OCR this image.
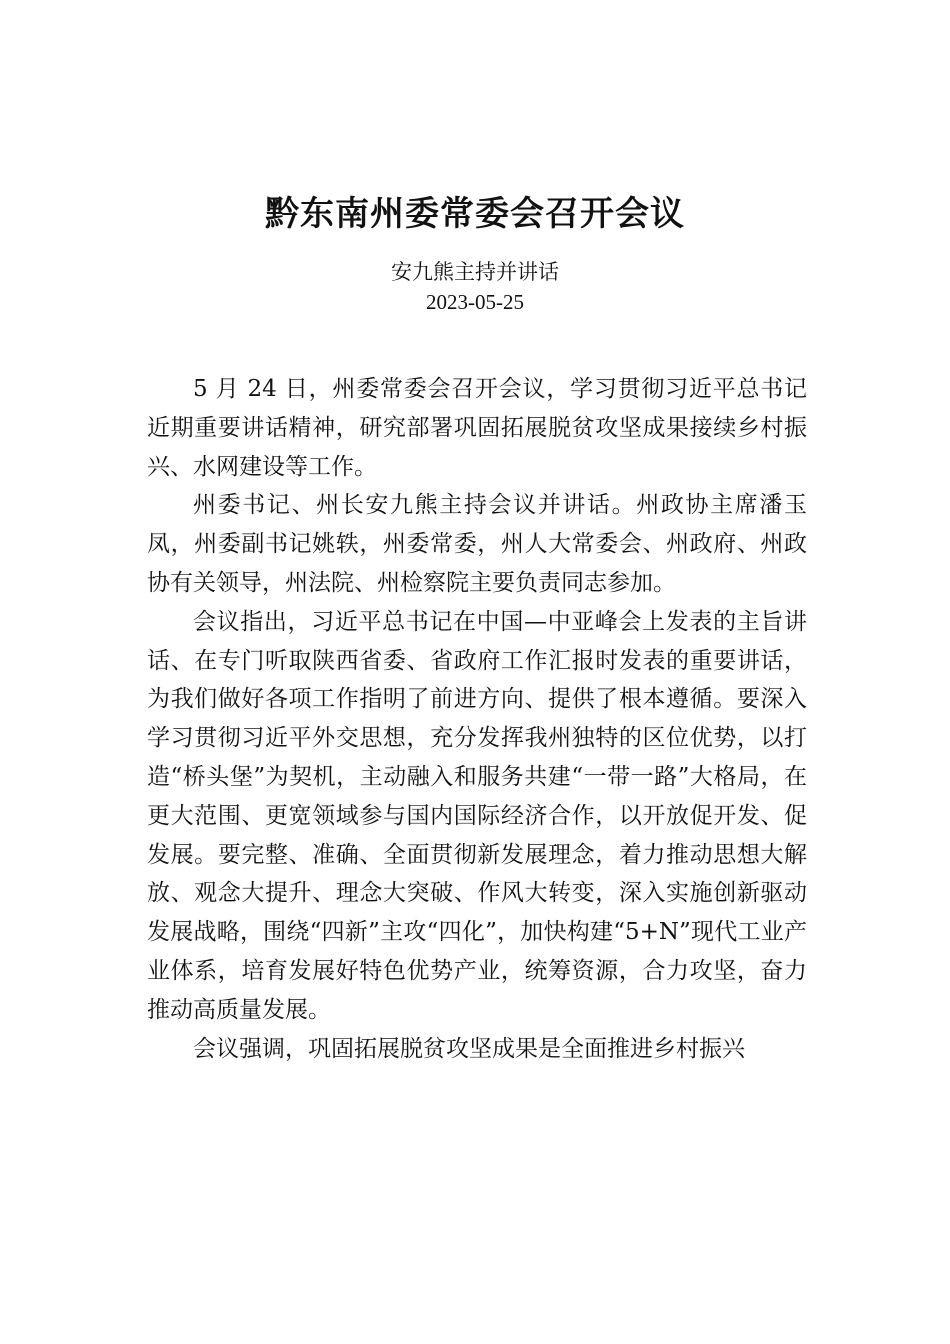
黔东南州委常委会召开会议
安九熊主持并讲话
2023-05-25

5 月 24 日，州委常委会召开会议，学习贯彻习近平总书记近期重要讲话精神，研究部署巩固拓展脱贫攻坚成果接续乡村振兴、水网建设等工作。

州委书记、州长安九熊主持会议并讲话。州政协主席潘玉凤，州委副书记姚轶，州委常委，州人大常委会、州政府、州政协有关领导，州法院、州检察院主要负责同志参加。

会议指出，习近平总书记在中国—中亚峰会上发表的主旨讲话、在专门听取陕西省委、省政府工作汇报时发表的重要讲话，为我们做好各项工作指明了前进方向、提供了根本遵循。要深入学习贯彻习近平外交思想，充分发挥我州独特的区位优势，以打造“桥头堡”为契机，主动融入和服务共建“一带一路”大格局，在更大范围、更宽领域参与国内国际经济合作，以开放促开发、促发展。要完整、准确、全面贯彻新发展理念，着力推动思想大解放、观念大提升、理念大突破、作风大转变，深入实施创新驱动发展战略，围绕“四新”主攻“四化”，加快构建“5+N”现代工业产业体系，培育发展好特色优势产业，统筹资源，合力攻坚，奋力推动高质量发展。

会议强调，巩固拓展脱贫攻坚成果是全面推进乡村振兴
